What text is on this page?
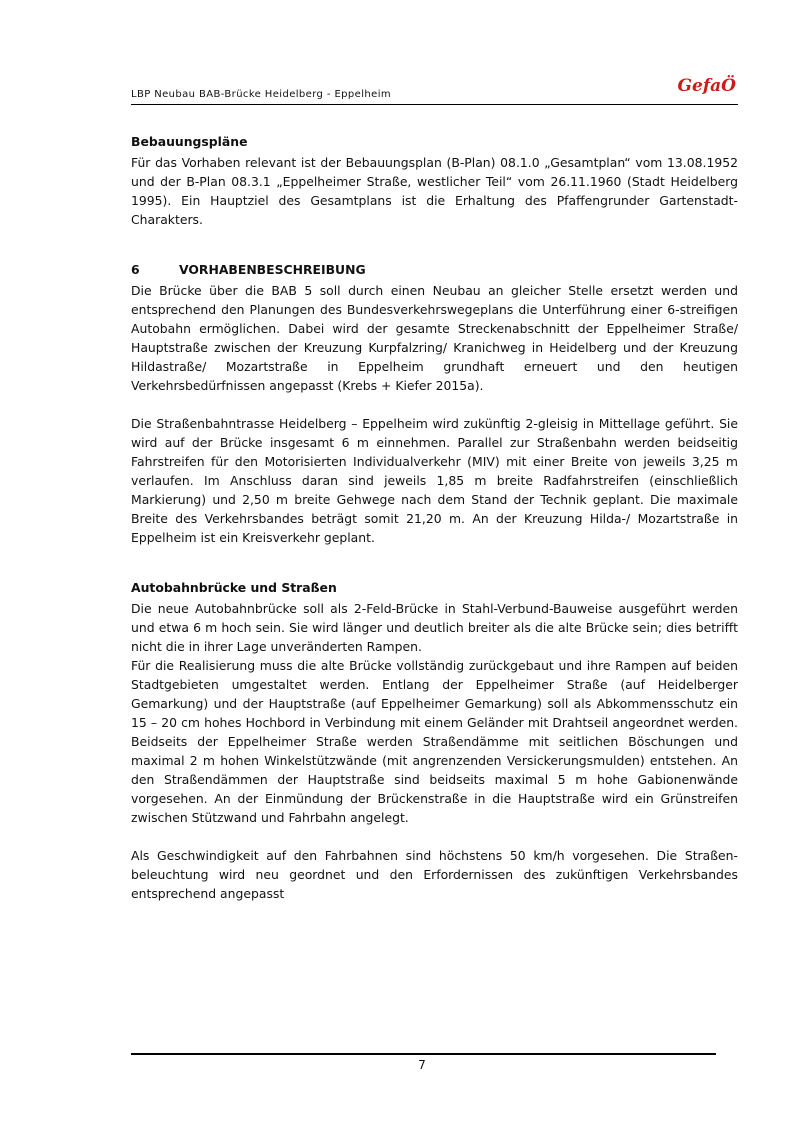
LBP Neubau BAB-Brücke Heidelberg - Eppelheim	GefaÖ
Bebauungspläne

Für das Vorhaben relevant ist der Bebauungsplan (B-Plan) 08.1.0 „Gesamtplan“ vom 13.08.1952 und der B-Plan 08.3.1 „Eppelheimer Straße, westlicher Teil“ vom 26.11.1960 (Stadt Heidelberg 1995). Ein Hauptziel des Gesamtplans ist die Erhaltung des Pfaffengrunder Gartenstadt-Charakters.

6	VORHABENBESCHREIBUNG

Die Brücke über die BAB 5 soll durch einen Neubau an gleicher Stelle ersetzt werden und entsprechend den Planungen des Bundesverkehrswegeplans die Unterführung einer 6-streifigen Autobahn ermöglichen. Dabei wird der gesamte Streckenabschnitt der Eppelheimer Straße/ Hauptstraße zwischen der Kreuzung Kurpfalzring/ Kranichweg in Heidelberg und der Kreuzung Hildastraße/ Mozartstraße in Eppelheim grundhaft erneuert und den heutigen Verkehrsbedürfnissen angepasst (Krebs + Kiefer 2015a).

Die Straßenbahntrasse Heidelberg – Eppelheim wird zukünftig 2-gleisig in Mittellage geführt. Sie wird auf der Brücke insgesamt 6 m einnehmen. Parallel zur Straßenbahn werden beidseitig Fahrstreifen für den Motorisierten Individualverkehr (MIV) mit einer Breite von jeweils 3,25 m verlaufen. Im Anschluss daran sind jeweils 1,85 m breite Radfahrstreifen (einschließlich Markierung) und 2,50 m breite Gehwege nach dem Stand der Technik geplant. Die maximale Breite des Verkehrsbandes beträgt somit 21,20 m. An der Kreuzung Hilda-/ Mozartstraße in Eppelheim ist ein Kreisverkehr geplant.

Autobahnbrücke und Straßen

Die neue Autobahnbrücke soll als 2-Feld-Brücke in Stahl-Verbund-Bauweise ausgeführt werden und etwa 6 m hoch sein. Sie wird länger und deutlich breiter als die alte Brücke sein; dies betrifft nicht die in ihrer Lage unveränderten Rampen.

Für die Realisierung muss die alte Brücke vollständig zurückgebaut und ihre Rampen auf beiden Stadtgebieten umgestaltet werden. Entlang der Eppelheimer Straße (auf Heidelberger Gemarkung) und der Hauptstraße (auf Eppelheimer Gemarkung) soll als Abkommensschutz ein 15 – 20 cm hohes Hochbord in Verbindung mit einem Geländer mit Drahtseil angeordnet werden. Beidseits der Eppelheimer Straße werden Straßendämme mit seitlichen Böschungen und maximal 2 m hohen Winkelstützwände (mit angrenzenden Versickerungsmulden) entstehen. An den Straßendämmen der Hauptstraße sind beidseits maximal 5 m hohe Gabionenwände vorgesehen. An der Einmündung der Brückenstraße in die Hauptstraße wird ein Grünstreifen zwischen Stützwand und Fahrbahn angelegt.

Als Geschwindigkeit auf den Fahrbahnen sind höchstens 50 km/h vorgesehen. Die Straßenbeleuchtung wird neu geordnet und den Erfordernissen des zukünftigen Verkehrsbandes entsprechend angepasst

7
